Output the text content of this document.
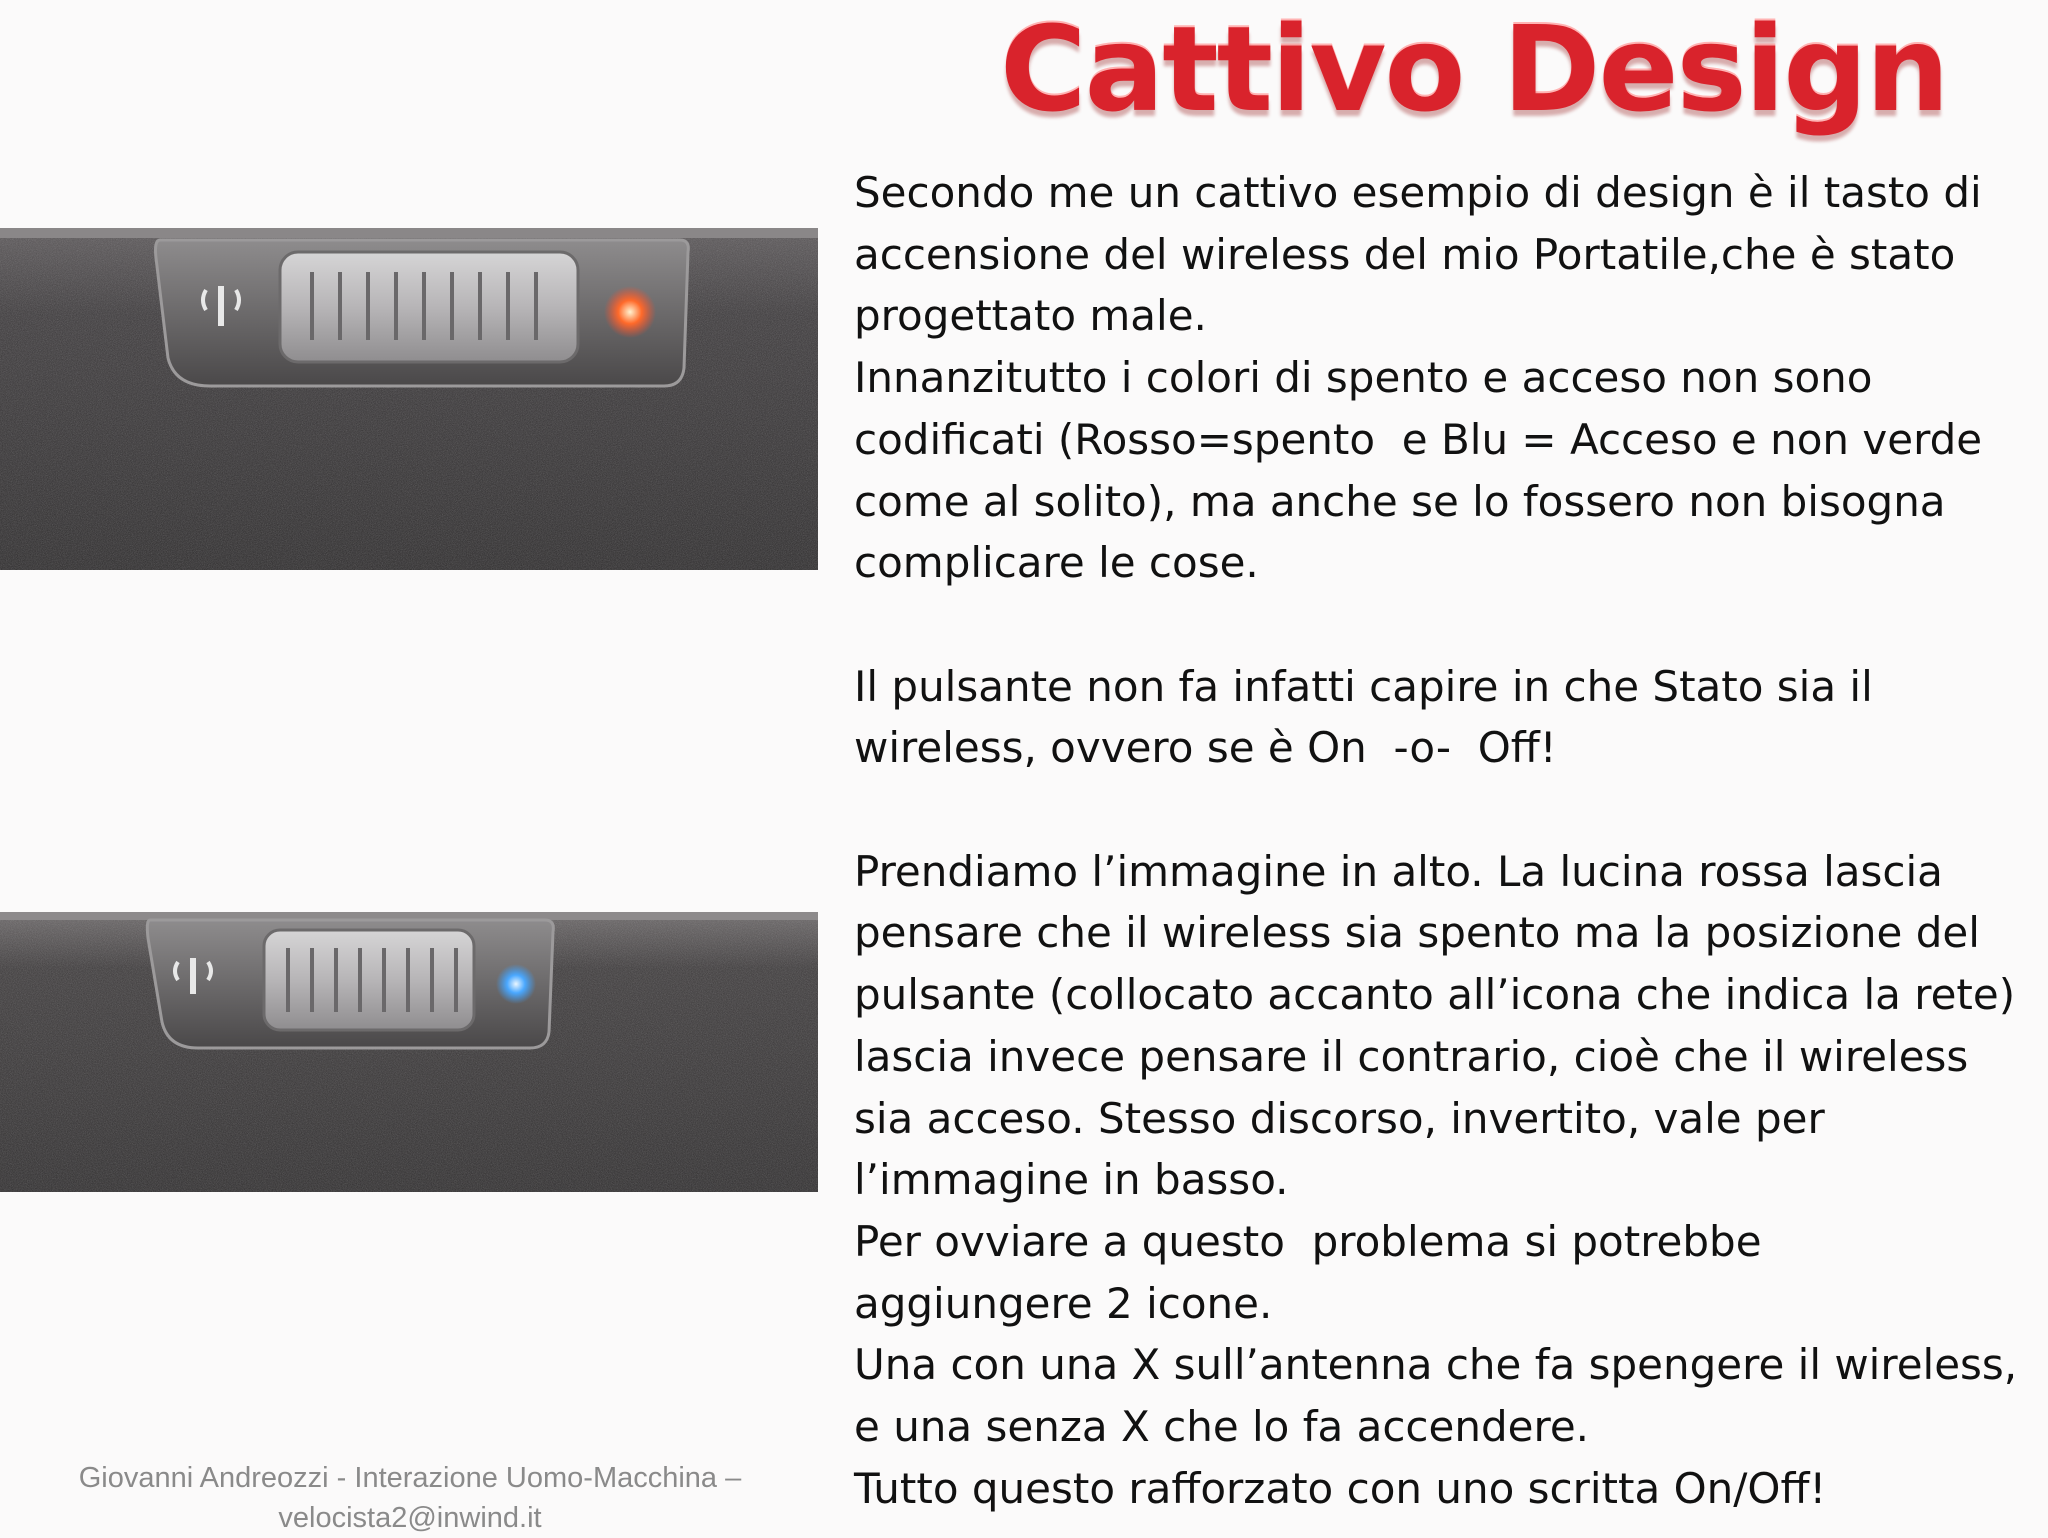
Cattivo Design

Secondo me un cattivo esempio di design è il tasto di
accensione del wireless del mio Portatile,che è stato
progettato male.

Innanzitutto i colori di spento e acceso non sono
codificati (Rosso=spento  e Blu = Acceso e non verde
come al solito), ma anche se lo fossero non bisogna
complicare le cose.

Il pulsante non fa infatti capire in che Stato sia il
wireless, ovvero se è On  -o-  Off!

Prendiamo l’immagine in alto. La lucina rossa lascia
pensare che il wireless sia spento ma la posizione del
pulsante (collocato accanto all’icona che indica la rete)
lascia invece pensare il contrario, cioè che il wireless
sia acceso. Stesso discorso, invertito, vale per
l’immagine in basso.

Per ovviare a questo  problema si potrebbe
aggiungere 2 icone.

Una con una X sull’antenna che fa spengere il wireless,
e una senza X che lo fa accendere.

Tutto questo rafforzato con uno scritta On/Off!

Giovanni Andreozzi - Interazione Uomo-Macchina –
velocista2@inwind.it
